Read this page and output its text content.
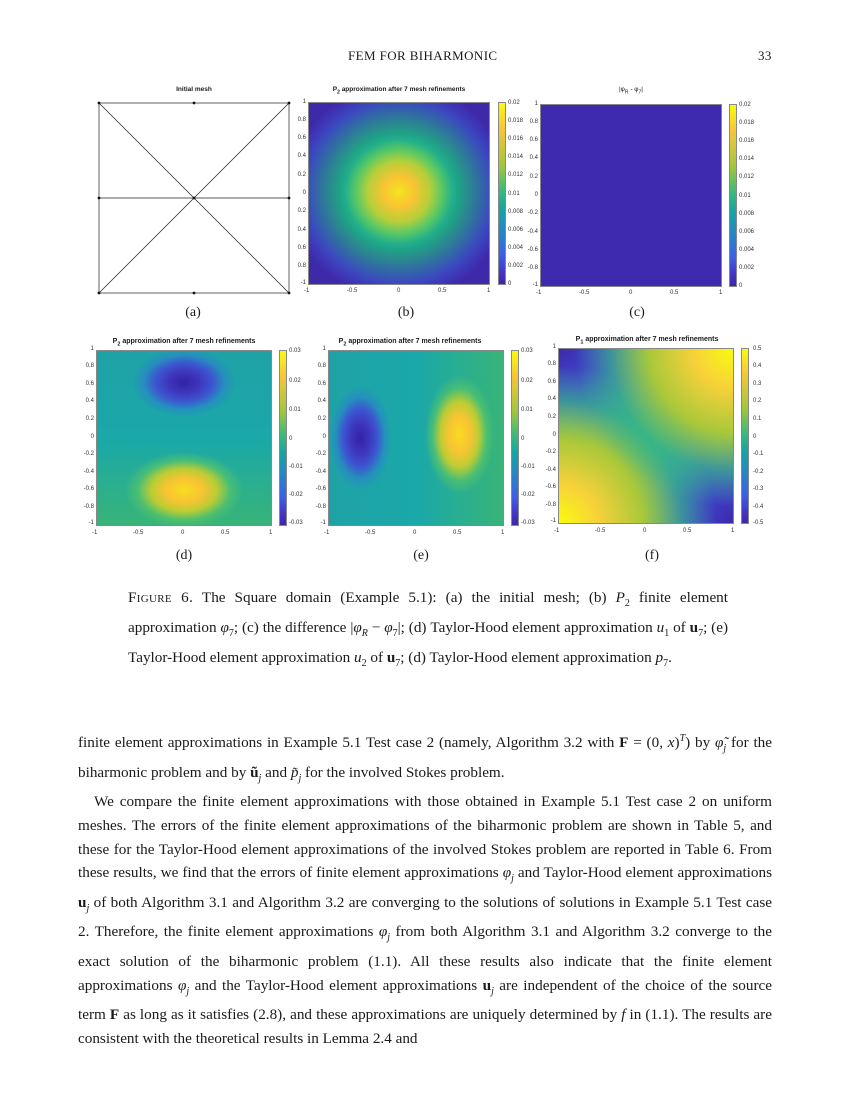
FEM FOR BIHARMONIC	33
Initial mesh
(a)
$P_2$ approximation after 7 mesh refinements
1
0.8
0.6
0.4
0.2
0
0.2
0.4
0.6
0.8
-1
-1	-0.5	0	0.5	1
0.02
0.018
0.016
0.014
0.012
0.01
0.008
0.006
0.004
0.002
0
(b)
$|\varphi_R - \varphi_7|$
1
0.8
0.6
0.4
0.2
0
-0.2
-0.4
-0.6
-0.8
-1
-1	-0.5	0	0.5	1
0.02
0.018
0.016
0.014
0.012
0.01
0.008
0.006
0.004
0.002
0
(c)
$P_2$ approximation after 7 mesh refinements
1
0.8
0.6
0.4
0.2
0
-0.2
-0.4
-0.6
-0.8
-1
-1	-0.5	0	0.5	1
0.03
0.02
0.01
0
-0.01
-0.02
-0.03
(d)
$P_2$ approximation after 7 mesh refinements
1
0.8
0.6
0.4
0.2
0
-0.2
-0.4
-0.6
-0.8
-1
-1	-0.5	0	0.5	1
0.03
0.02
0.01
0
-0.01
-0.02
-0.03
(e)
$P_1$ approximation after 7 mesh refinements
1
0.8
0.6
0.4
0.2
0
-0.2
-0.4
-0.6
-0.8
-1
-1	-0.5	0	0.5	1
0.5
0.4
0.3
0.2
0.1
0
-0.1
-0.2
-0.3
-0.4
-0.5
(f)
Figure 6. The Square domain (Example 5.1): (a) the initial mesh; (b) $P_2$ finite element approximation $\varphi_7$; (c) the difference $|\varphi_R - \varphi_7|$; (d) Taylor-Hood element approximation $u_1$ of $u_7$; (e) Taylor-Hood element approximation $u_2$ of $u_7$; (d) Taylor-Hood element approximation $p_7$.

finite element approximations in Example 5.1 Test case 2 (namely, Algorithm 3.2 with F = (0, x)$^T$) by $\varphĩ_j$ for the biharmonic problem and by $ũ_j$ and $p̃_j$ for the involved Stokes problem.

We compare the finite element approximations with those obtained in Example 5.1 Test case 2 on uniform meshes. The errors of the finite element approximations of the biharmonic problem are shown in Table 5, and these for the Taylor-Hood element approximations of the involved Stokes problem are reported in Table 6. From these results, we find that the errors of finite element approximations $\varphi_j$ and Taylor-Hood element approximations $u_j$ of both Algorithm 3.1 and Algorithm 3.2 are converging to the solutions of solutions in Example 5.1 Test case 2. Therefore, the finite element approximations $\varphi_j$ from both Algorithm 3.1 and Algorithm 3.2 converge to the exact solution of the biharmonic problem (1.1). All these results also indicate that the finite element approximations $\varphi_j$ and the Taylor-Hood element approximations $u_j$ are independent of the choice of the source term F as long as it satisfies (2.8), and these approximations are uniquely determined by f in (1.1). The results are consistent with the theoretical results in Lemma 2.4 and
